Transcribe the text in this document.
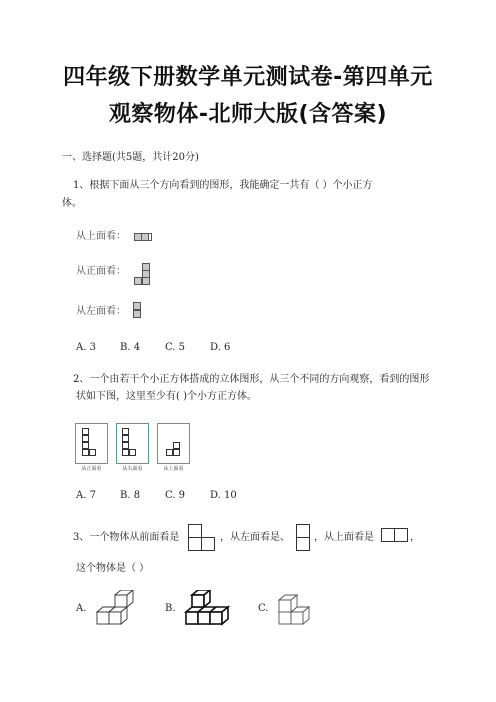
四年级下册数学单元测试卷-第四单元
观察物体-北师大版(含答案)
一、选择题(共5题，共计20分)
1、根据下面从三个方向看到的图形，我能确定一共有（ ）个小正方
体。
从上面看：
从正面看：
从左面看：
A. 3 B. 4 C. 5 D. 6
2、一个由若干个小正方体搭成的立体图形，从三个不同的方向观察，看到的图形
状如下图，这里至少有( )个小方正方体。
从正面看	从右面看	从上面看
A. 7 B. 8 C. 9 D. 10
3、一个物体从前面看是	，从左面看是、 ，从上面看是	，
这个物体是（ ）
A.	B.	C.
